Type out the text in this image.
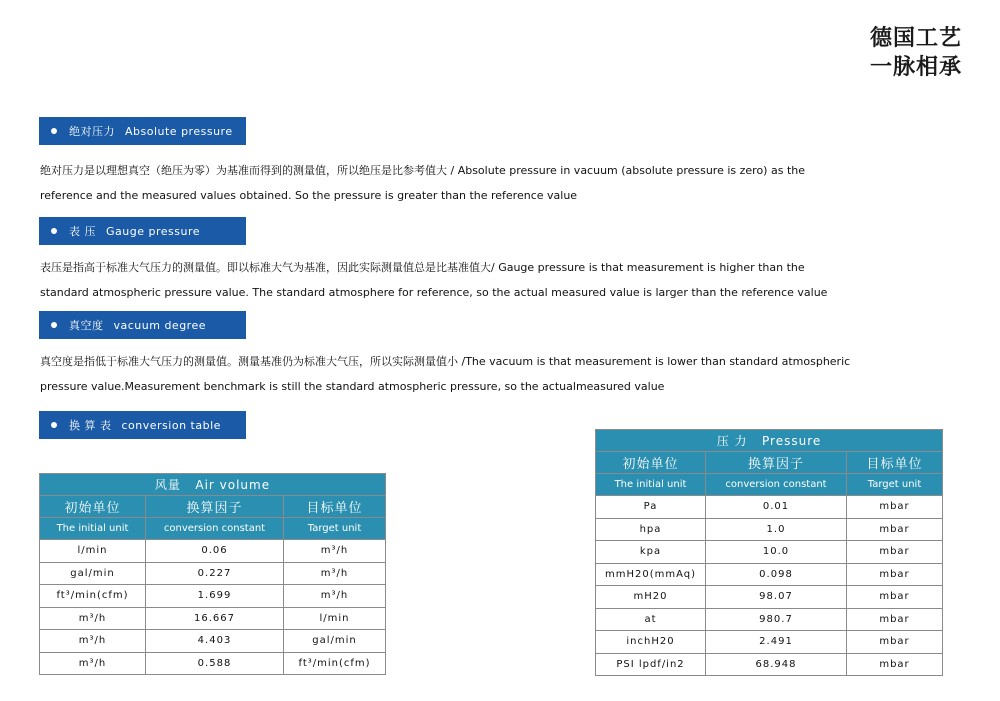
德国工艺
一脉相承
绝对压力 Absolute pressure
绝对压力是以理想真空（绝压为零）为基准而得到的测量值，所以绝压是比参考值大 / Absolute pressure in vacuum (absolute pressure is zero) as the
reference and the measured values obtained. So the pressure is greater than the reference value
表 压 Gauge pressure
表压是指高于标准大气压力的测量值。即以标准大气为基准，因此实际测量值总是比基准值大/ Gauge pressure is that measurement is higher than the
standard atmospheric pressure value. The standard atmosphere for reference, so the actual measured value is larger than the reference value
真空度 vacuum degree
真空度是指低于标准大气压力的测量值。测量基准仍为标准大气压，所以实际测量值小 /The vacuum is that measurement is lower than standard atmospheric
pressure value.Measurement benchmark is still the standard atmospheric pressure, so the actualmeasured value
换 算 表 conversion table
风量 Air volume		
初始单位	换算因子	目标单位
The initial unit	conversion constant	Target unit
l/min	0.06	m³/h
gal/min	0.227	m³/h
ft³/min(cfm)	1.699	m³/h
m³/h	16.667	l/min
m³/h	4.403	gal/min
m³/h	0.588	ft³/min(cfm)
压 力 Pressure		
初始单位	换算因子	目标单位
The initial unit	conversion constant	Target unit
Pa	0.01	mbar
hpa	1.0	mbar
kpa	10.0	mbar
mmH20(mmAq)	0.098	mbar
mH20	98.07	mbar
at	980.7	mbar
inchH20	2.491	mbar
PSI lpdf/in2	68.948	mbar
